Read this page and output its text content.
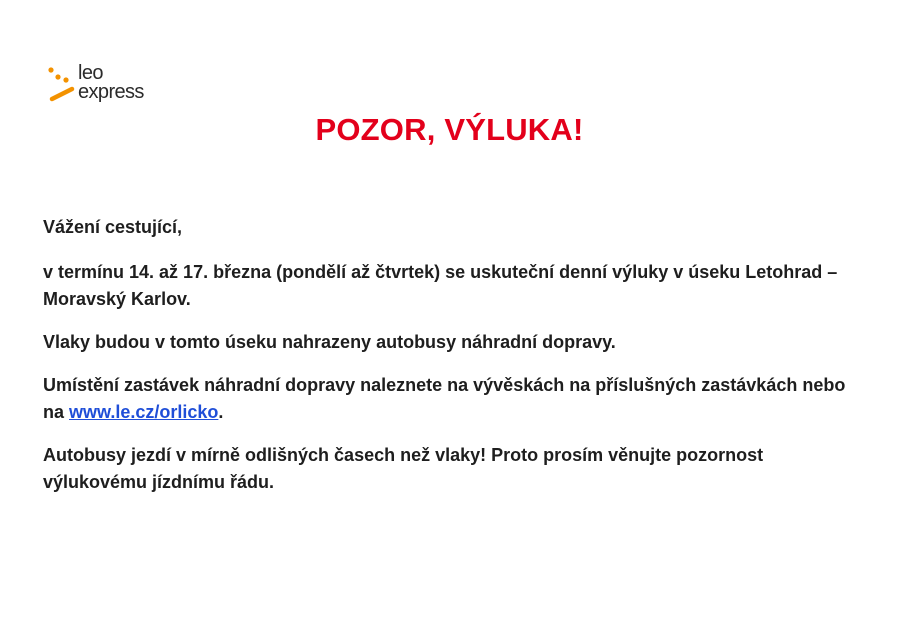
leo
express
POZOR, VÝLUKA!

Vážení cestující,

v termínu 14. až 17. března (pondělí až čtvrtek) se uskuteční denní výluky v úseku Letohrad – Moravský Karlov.

Vlaky budou v tomto úseku nahrazeny autobusy náhradní dopravy.

Umístění zastávek náhradní dopravy naleznete na vývěskách na příslušných zastávkách nebo na www.le.cz/orlicko.

Autobusy jezdí v mírně odlišných časech než vlaky! Proto prosím věnujte pozornost výlukovému jízdnímu řádu.
